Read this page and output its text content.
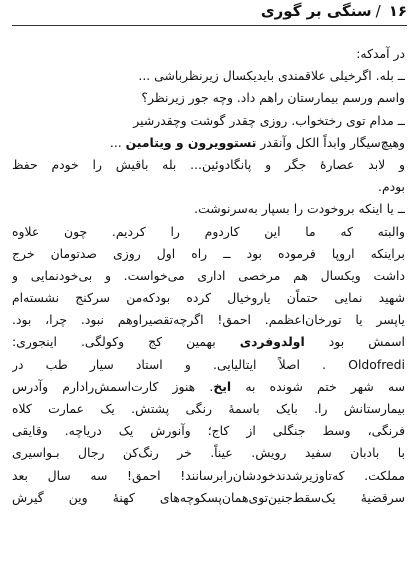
۱۶/سنگی بر گوری
در آمدکه:
ــ بله. اگرخیلی علاقمندی بایدیکسال زیرنظرباشی ...
واسم ورسم بیمارستان راهم داد. وچه جور زیرنظر؟
ــ مدام توی رختخواب. روزی چقدر گوشت وچقدرشیر
وهیچ‌سیگار وابداً الکل وآنقدر تستوویرون و ویتامین ...
و لابد عصارهٔ جگر و پانگادوئین... بله باقیش را خودم حفظ
بودم.
ــ یا اینکه بروخودت را بسپار به‌سرنوشت.
والبته که ما این کاردوم را کردیم. چون علاوه
براینکه اروپا فرموده بود ــ راه اول روزی صدتومان خرج
داشت ویکسال هم مرخصی اداری می‌خواست. و بی‌خودنمایی و
شهید نمایی حتماًن یاروخیال کرده بودکه‌من سرکنج نشسته‌ام
یاپسر یا تورخان‌اعظمم. احمق! اگرچه‌تقصیراوهم نبود. چرا، بود.
اسمش بود اولدوفردی بهمین کج وکولگی. اینجوری:
Oldofredi . اصلاً ایتالیایی. و استاد سیار طب در
سه شهر ختم شونده به ایخ. هنوز کارت‌اسمش‌رادارم وآدرس
بیمارستانش را. بایک باسمهٔ رنگی پشتش. یک عمارت کلاه
فرنگی، وسط جنگلی از کاج؛ وآنورش یک دریاچه. وقایقی
با بادبان سفید رویش. عیناً. خر رنگ‌کن رجال بـواسیری
مملکت. که‌تاوزیرشدندخودشان‌رابرسانند! احمق! سه سال بعد
سرقضیهٔ یک‌سقط‌جنین‌توی‌همان‌پسکوچه‌های کهنهٔ وین گیرش
